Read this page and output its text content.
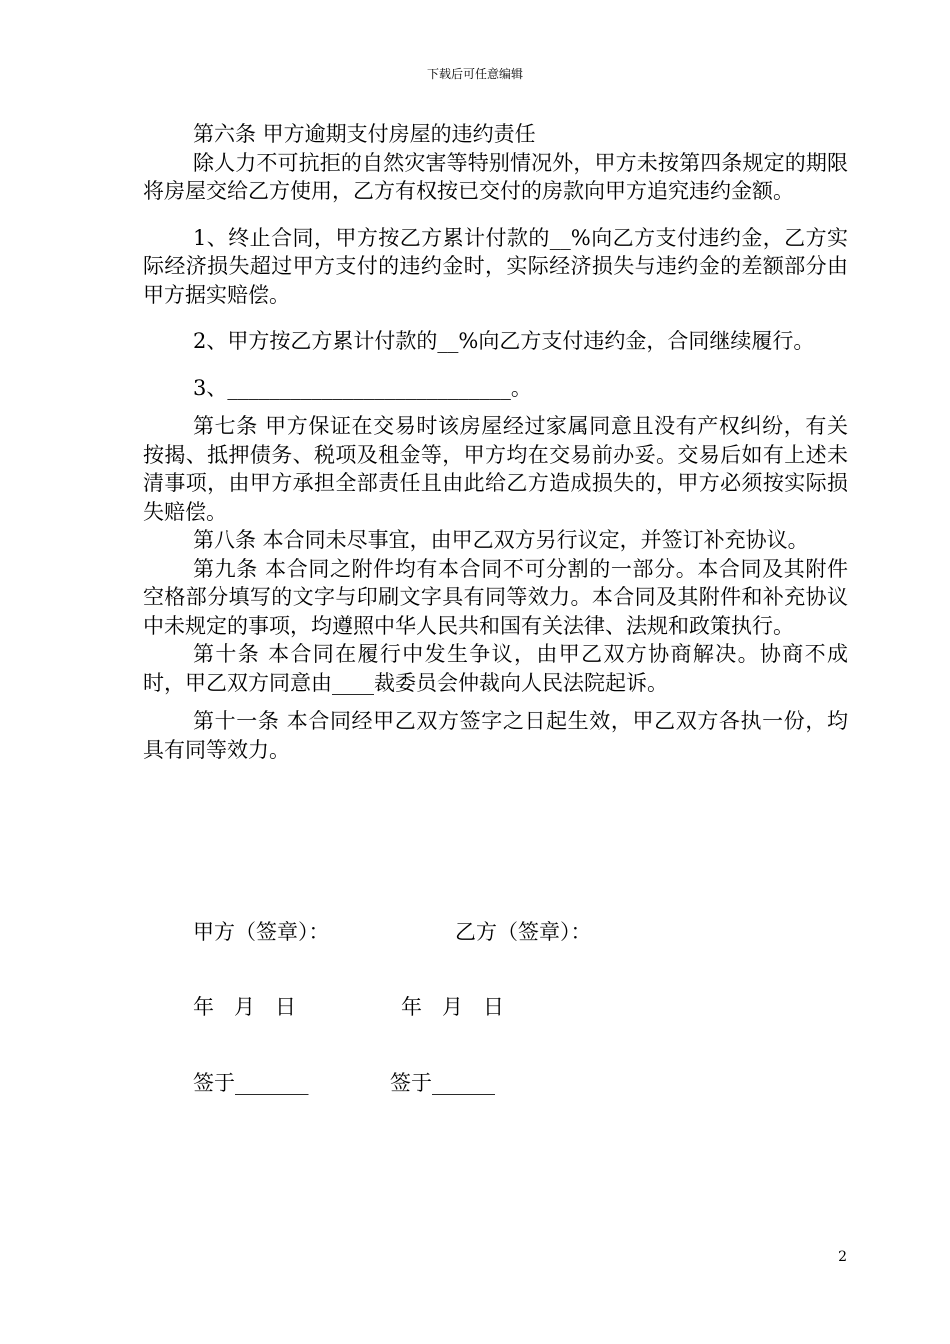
下载后可任意编辑

第六条 甲方逾期支付房屋的违约责任

除人力不可抗拒的自然灾害等特别情况外，甲方未按第四条规定的期限将房屋交给乙方使用，乙方有权按已交付的房款向甲方追究违约金额。

1、终止合同，甲方按乙方累计付款的__%向乙方支付违约金，乙方实际经济损失超过甲方支付的违约金时，实际经济损失与违约金的差额部分由甲方据实赔偿。

2、甲方按乙方累计付款的__%向乙方支付违约金，合同继续履行。

3、___________________________。

第七条 甲方保证在交易时该房屋经过家属同意且没有产权纠纷，有关按揭、抵押债务、税项及租金等，甲方均在交易前办妥。交易后如有上述未清事项，由甲方承担全部责任且由此给乙方造成损失的，甲方必须按实际损失赔偿。

第八条 本合同未尽事宜，由甲乙双方另行议定，并签订补充协议。

第九条 本合同之附件均有本合同不可分割的一部分。本合同及其附件空格部分填写的文字与印刷文字具有同等效力。本合同及其附件和补充协议中未规定的事项，均遵照中华人民共和国有关法律、法规和政策执行。

第十条 本合同在履行中发生争议，由甲乙双方协商解决。协商不成时，甲乙双方同意由____裁委员会仲裁向人民法院起诉。

第十一条 本合同经甲乙双方签字之日起生效，甲乙双方各执一份，均具有同等效力。

甲方（签章）：	乙方（签章）：
年   月   日	年   月   日
签于_______	签于______
2
